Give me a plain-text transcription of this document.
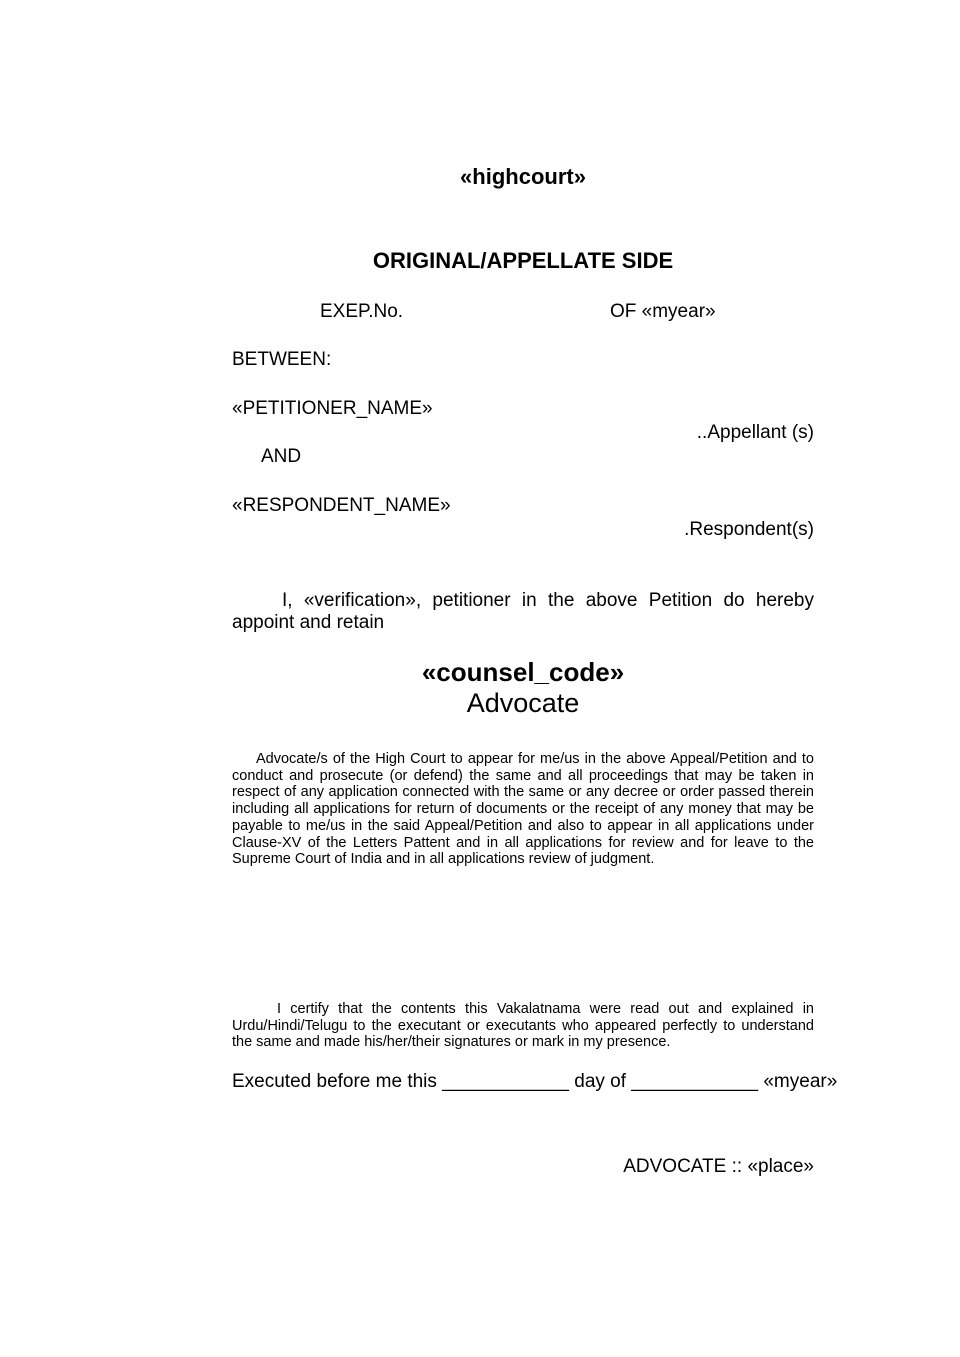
«highcourt»
ORIGINAL/APPELLATE SIDE
EXEP.No.	OF «myear»
BETWEEN:
«PETITIONER_NAME»
..Appellant (s)
AND
«RESPONDENT_NAME»
.Respondent(s)
I, «verification», petitioner in the above Petition do hereby appoint and retain
«counsel_code»
Advocate
Advocate/s of the High Court to appear for me/us in the above Appeal/Petition and to conduct and prosecute (or defend) the same and all proceedings that may be taken in respect of any application connected with the same or any decree or order passed therein including all applications for return of documents or the receipt of any money that may be payable to me/us in the said Appeal/Petition and also to appear in all applications under Clause-XV of the Letters Pattent and in all applications for review and for leave to the Supreme Court of India and in all applications review of judgment.
I certify that the contents this Vakalatnama were read out and explained in Urdu/Hindi/Telugu to the executant or executants who appeared perfectly to understand the same and made his/her/their signatures or mark in my presence.
Executed before me this ____________ day of ____________ «myear»
ADVOCATE :: «place»
